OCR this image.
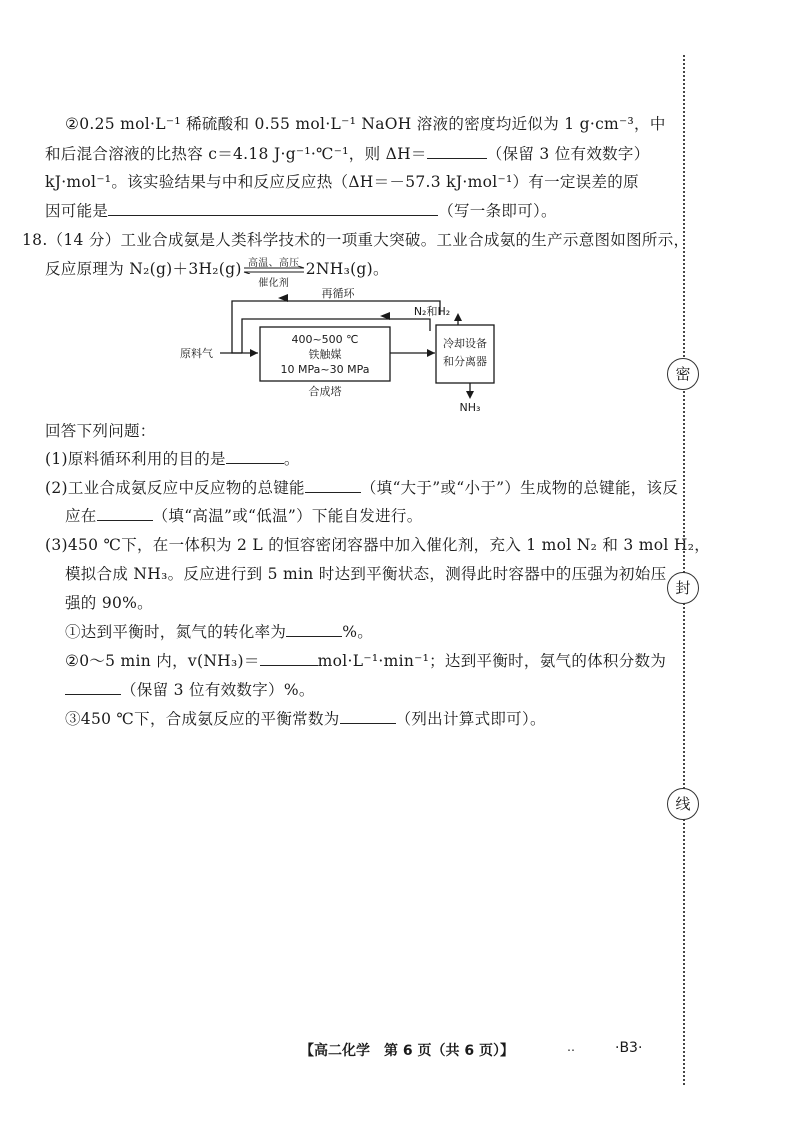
②0.25 mol·L⁻¹ 稀硫酸和 0.55 mol·L⁻¹ NaOH 溶液的密度均近似为 1 g·cm⁻³，中
和后混合溶液的比热容 c＝4.18 J·g⁻¹·℃⁻¹，则 ΔH＝	（保留 3 位有效数字）
kJ·mol⁻¹。该实验结果与中和反应反应热（ΔH＝－57.3 kJ·mol⁻¹）有一定误差的原
因可能是	（写一条即可）。
18.（14 分）工业合成氨是人类科学技术的一项重大突破。工业合成氨的生产示意图如图所示，
反应原理为 N₂(g)＋3H₂(g) 高温、高压
催化剂
2NH₃(g)。
再循环
N₂和H₂
原料气
400~500 ℃
铁触媒
10 MPa~30 MPa
合成塔
冷却设备
和分离器
NH₃
回答下列问题：
(1)原料循环利用的目的是	。
(2)工业合成氨反应中反应物的总键能	（填“大于”或“小于”）生成物的总键能，该反
应在	（填“高温”或“低温”）下能自发进行。
(3)450 ℃下，在一体积为 2 L 的恒容密闭容器中加入催化剂，充入 1 mol N₂ 和 3 mol H₂，
模拟合成 NH₃。反应进行到 5 min 时达到平衡状态，测得此时容器中的压强为初始压
强的 90%。
①达到平衡时，氮气的转化率为	%。
②0～5 min 内，v(NH₃)＝	mol·L⁻¹·min⁻¹；达到平衡时，氨气的体积分数为
（保留 3 位有效数字）%。
③450 ℃下，合成氨反应的平衡常数为	（列出计算式即可）。
密
封
线
【高二化学　第 6 页（共 6 页）】	‥	·B3·
